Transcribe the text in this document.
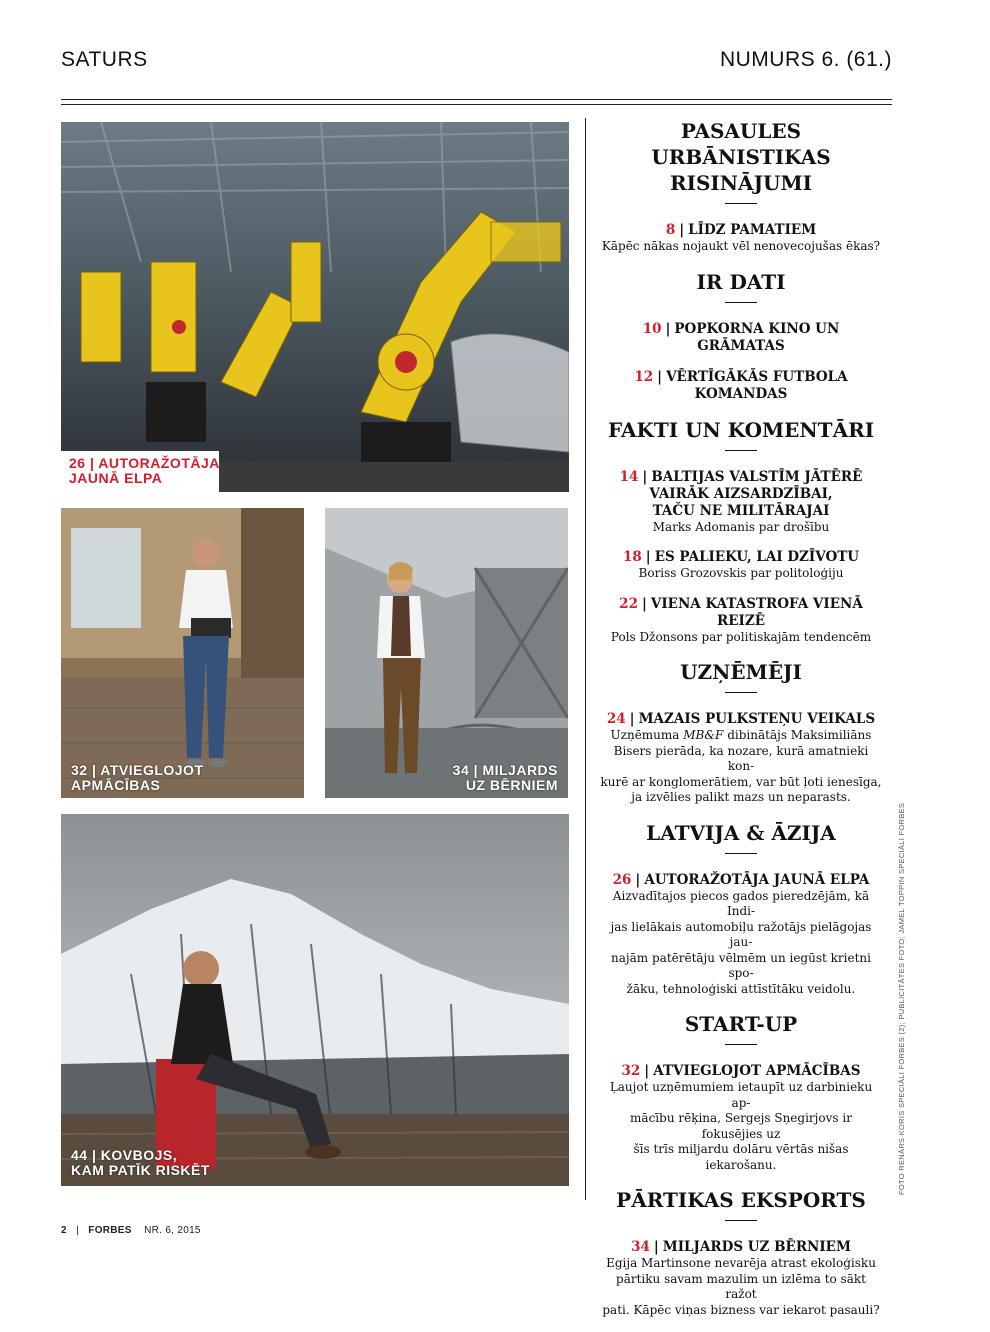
SATURS	NUMURS 6. (61.)
26 | AUTORAŽOTĀJA
JAUNĀ ELPA
32 | ATVIEGLOJOT
APMĀCĪBAS
34 | MILJARDS
UZ BĒRNIEM
44 | KOVBOJS,
KAM PATĪK RISKĒT
PASAULES URBĀNISTIKAS
RISINĀJUMI
8 | LĪDZ PAMATIEM
Kāpēc nākas nojaukt vēl nenovecojušas ēkas?
IR DATI
10 | POPKORNA KINO UN GRĀMATAS
12 | VĒRTĪGĀKĀS FUTBOLA
KOMANDAS
FAKTI UN KOMENTĀRI
14 | BALTIJAS VALSTĪM JĀTĒRĒ
VAIRĀK AIZSARDZĪBAI,
TAČU NE MILITĀRAJAI
Marks Adomanis par drošību
18 | ES PALIEKU, LAI DZĪVOTU
Boriss Grozovskis par politoloģiju
22 | VIENA KATASTROFA VIENĀ REIZĒ
Pols Džonsons par politiskajām tendencēm
UZŅĒMĒJI
24 | MAZAIS PULKSTEŅU VEIKALS
Uzņēmuma MB&F dibinātājs Maksimiliāns
Bisers pierāda, ka nozare, kurā amatnieki kon-
kurē ar konglomerātiem, var būt ļoti ienesīga,
ja izvēlies palikt mazs un neparasts.
LATVIJA & ĀZIJA
26 | AUTORAŽOTĀJA JAUNĀ ELPA
Aizvadītajos piecos gados pieredzējām, kā Indi-
jas lielākais automobiļu ražotājs pielāgojas jau-
najām patērētāju vēlmēm un iegūst krietni spo-
žāku, tehnoloģiski attīstītāku veidolu.
START-UP
32 | ATVIEGLOJOT APMĀCĪBAS
Ļaujot uzņēmumiem ietaupīt uz darbinieku ap-
mācību rēķina, Sergejs Sņegirjovs ir fokusējies uz
šīs trīs miljardu dolāru vērtās nišas iekarošanu.
PĀRTIKAS EKSPORTS
34 | MILJARDS UZ BĒRNIEM
Egija Martinsone nevarēja atrast ekoloģisku
pārtiku savam mazulim un izlēma to sākt ražot
pati. Kāpēc viņas bizness var iekarot pasauli?
2   |   FORBES NR. 6, 2015
FOTO RENĀRS KORIS SPECIĀLI FORBES (2); PUBLICITĀTES FOTO; JAMEL TOPPIN SPECIĀLI FORBES
